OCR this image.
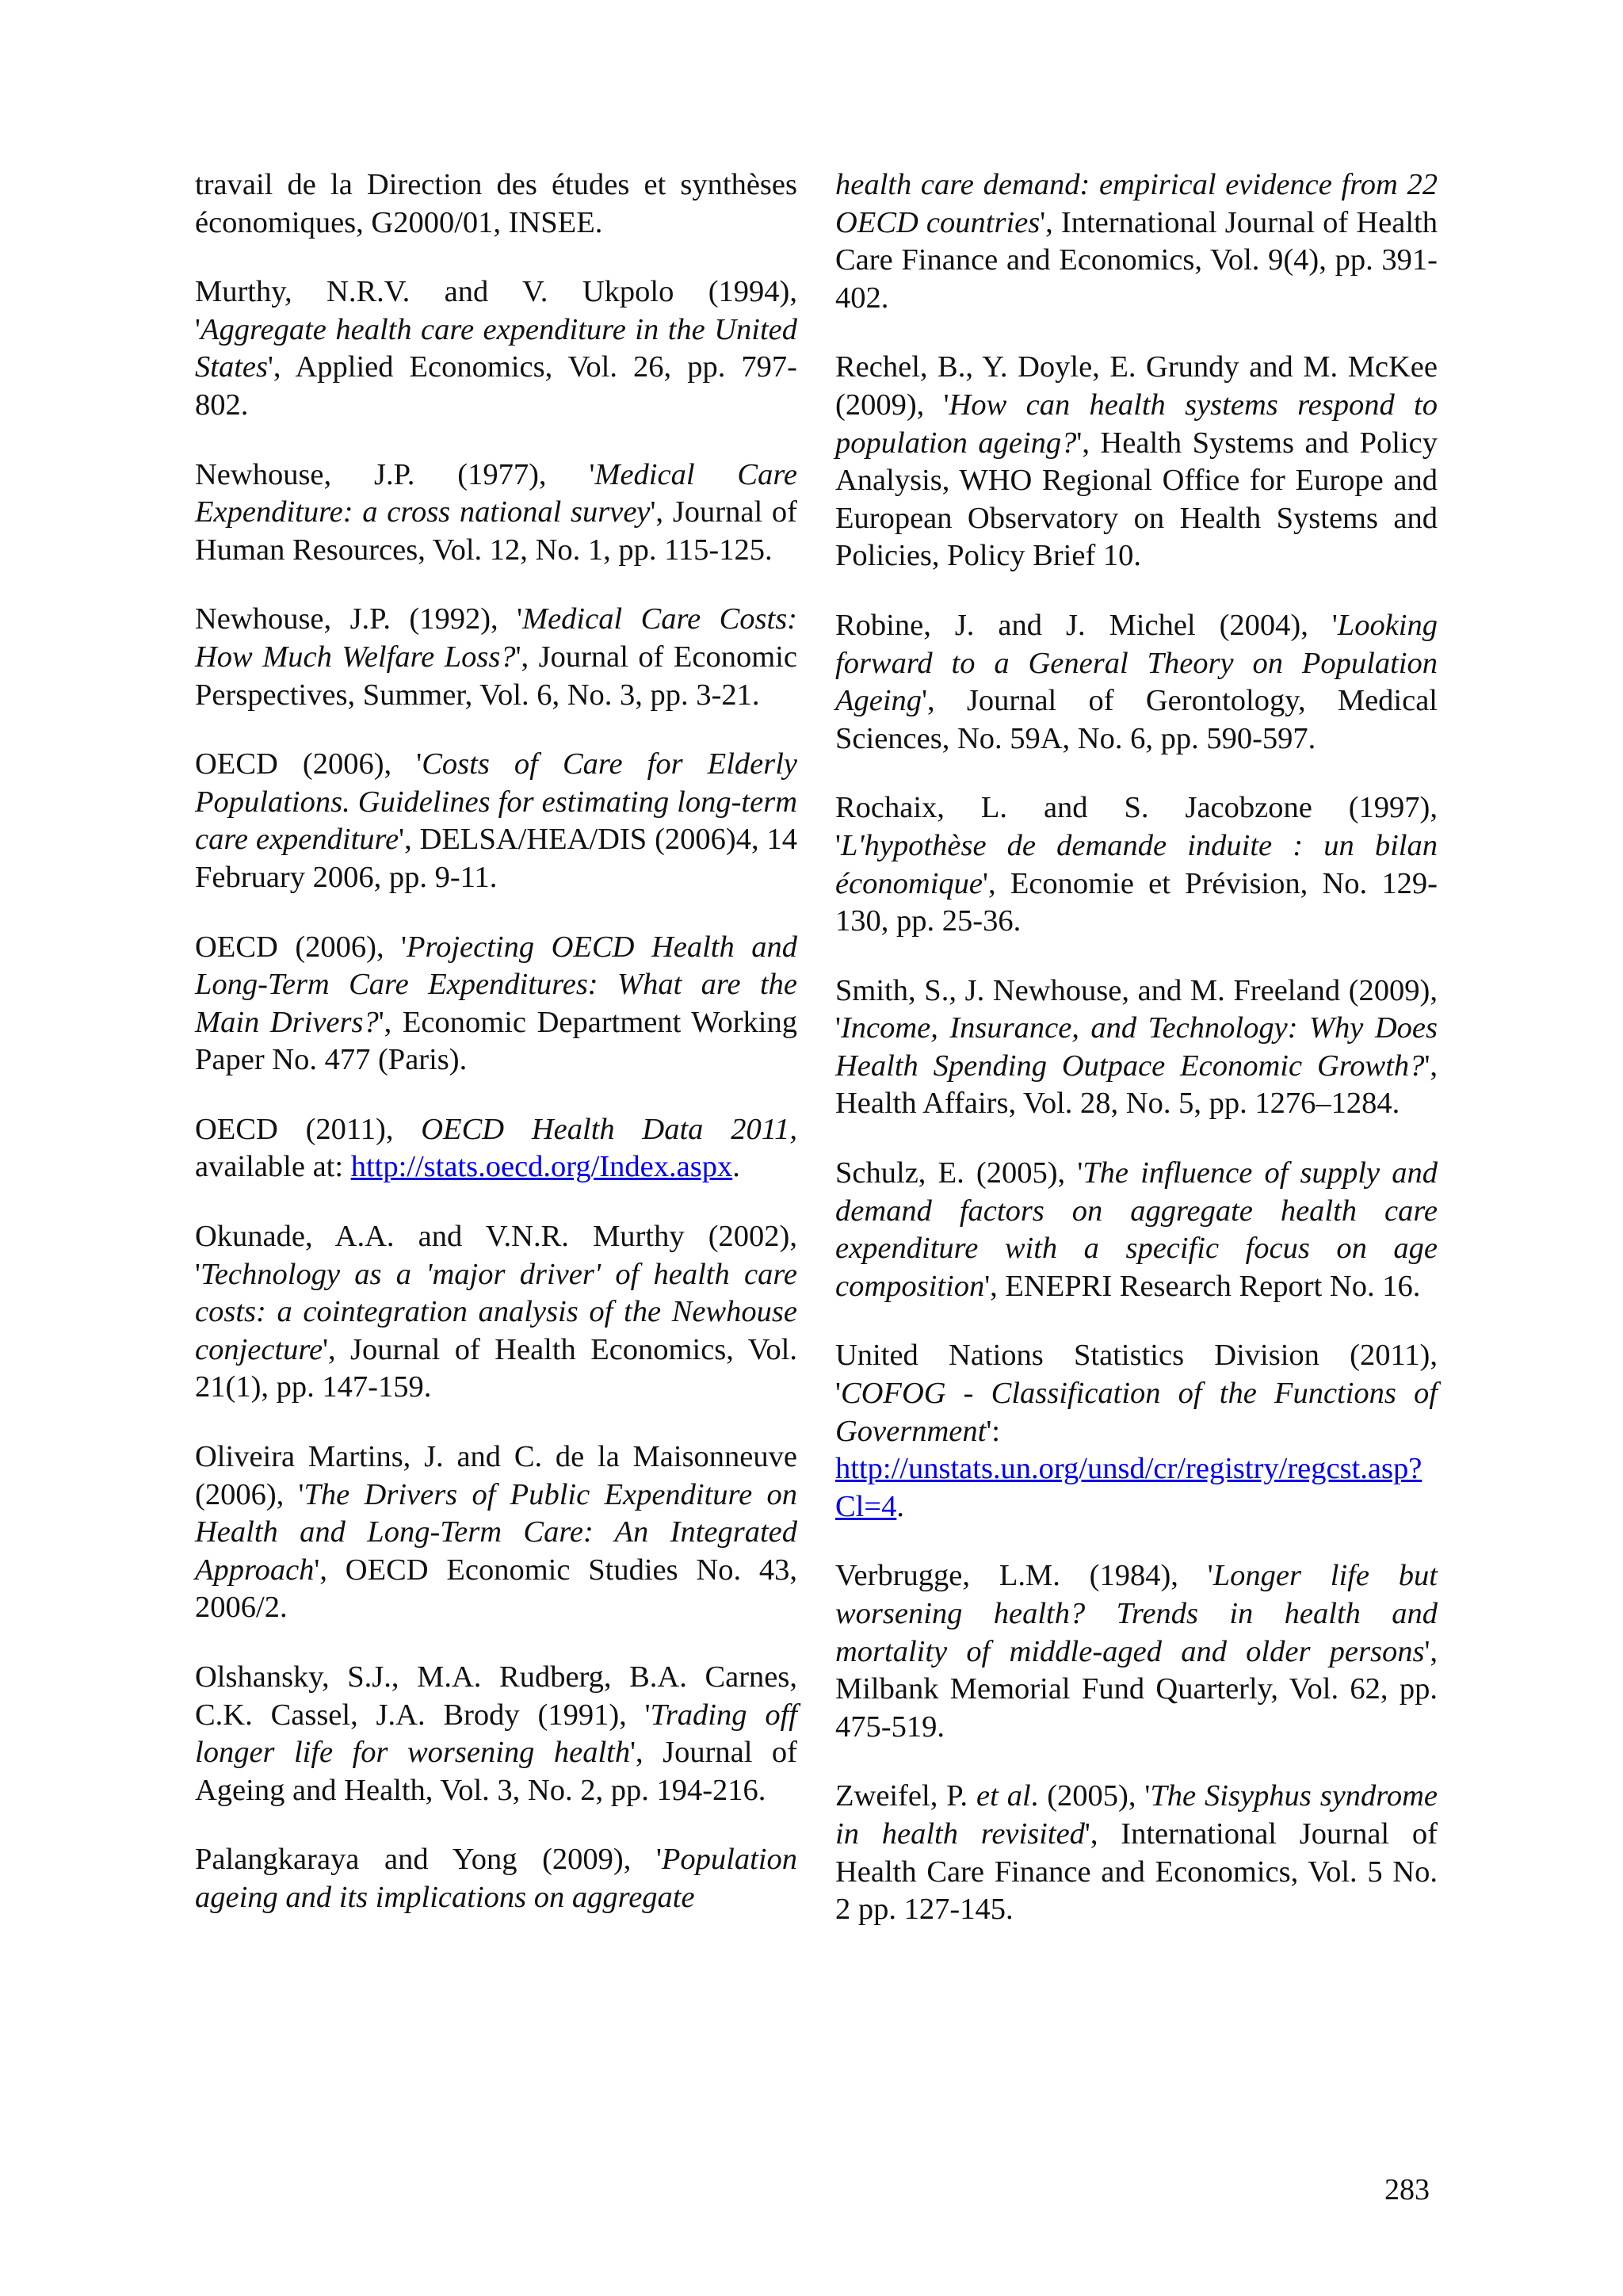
travail de la Direction des études et synthèses économiques, G2000/01, INSEE.

Murthy, N.R.V. and V. Ukpolo (1994), 'Aggregate health care expenditure in the United States', Applied Economics, Vol. 26, pp. 797-802.

Newhouse, J.P. (1977), 'Medical Care Expenditure: a cross national survey', Journal of Human Resources, Vol. 12, No. 1, pp. 115-125.

Newhouse, J.P. (1992), 'Medical Care Costs: How Much Welfare Loss?', Journal of Economic Perspectives, Summer, Vol. 6, No. 3, pp. 3-21.

OECD (2006), 'Costs of Care for Elderly Populations. Guidelines for estimating long-term care expenditure', DELSA/HEA/DIS (2006)4, 14 February 2006, pp. 9-11.

OECD (2006), 'Projecting OECD Health and Long-Term Care Expenditures: What are the Main Drivers?', Economic Department Working Paper No. 477 (Paris).

OECD (2011), OECD Health Data 2011, available at: http://stats.oecd.org/Index.aspx.

Okunade, A.A. and V.N.R. Murthy (2002), 'Technology as a 'major driver' of health care costs: a cointegration analysis of the Newhouse conjecture', Journal of Health Economics, Vol. 21(1), pp. 147-159.

Oliveira Martins, J. and C. de la Maisonneuve (2006), 'The Drivers of Public Expenditure on Health and Long-Term Care: An Integrated Approach', OECD Economic Studies No. 43, 2006/2.

Olshansky, S.J., M.A. Rudberg, B.A. Carnes, C.K. Cassel, J.A. Brody (1991), 'Trading off longer life for worsening health', Journal of Ageing and Health, Vol. 3, No. 2, pp. 194-216.

Palangkaraya and Yong (2009), 'Population ageing and its implications on aggregate

health care demand: empirical evidence from 22 OECD countries', International Journal of Health Care Finance and Economics, Vol. 9(4), pp. 391-402.

Rechel, B., Y. Doyle, E. Grundy and M. McKee (2009), 'How can health systems respond to population ageing?', Health Systems and Policy Analysis, WHO Regional Office for Europe and European Observatory on Health Systems and Policies, Policy Brief 10.

Robine, J. and J. Michel (2004), 'Looking forward to a General Theory on Population Ageing', Journal of Gerontology, Medical Sciences, No. 59A, No. 6, pp. 590-597.

Rochaix, L. and S. Jacobzone (1997), 'L'hypothèse de demande induite : un bilan économique', Economie et Prévision, No. 129-130, pp. 25-36.

Smith, S., J. Newhouse, and M. Freeland (2009), 'Income, Insurance, and Technology: Why Does Health Spending Outpace Economic Growth?', Health Affairs, Vol. 28, No. 5, pp. 1276–1284.

Schulz, E. (2005), 'The influence of supply and demand factors on aggregate health care expenditure with a specific focus on age composition', ENEPRI Research Report No. 16.

United Nations Statistics Division (2011), 'COFOG - Classification of the Functions of Government': http://unstats.un.org/unsd/cr/registry/regcst.asp?Cl=4.

Verbrugge, L.M. (1984), 'Longer life but worsening health? Trends in health and mortality of middle-aged and older persons', Milbank Memorial Fund Quarterly, Vol. 62, pp. 475-519.

Zweifel, P. et al. (2005), 'The Sisyphus syndrome in health revisited', International Journal of Health Care Finance and Economics, Vol. 5 No. 2 pp. 127-145.

283
